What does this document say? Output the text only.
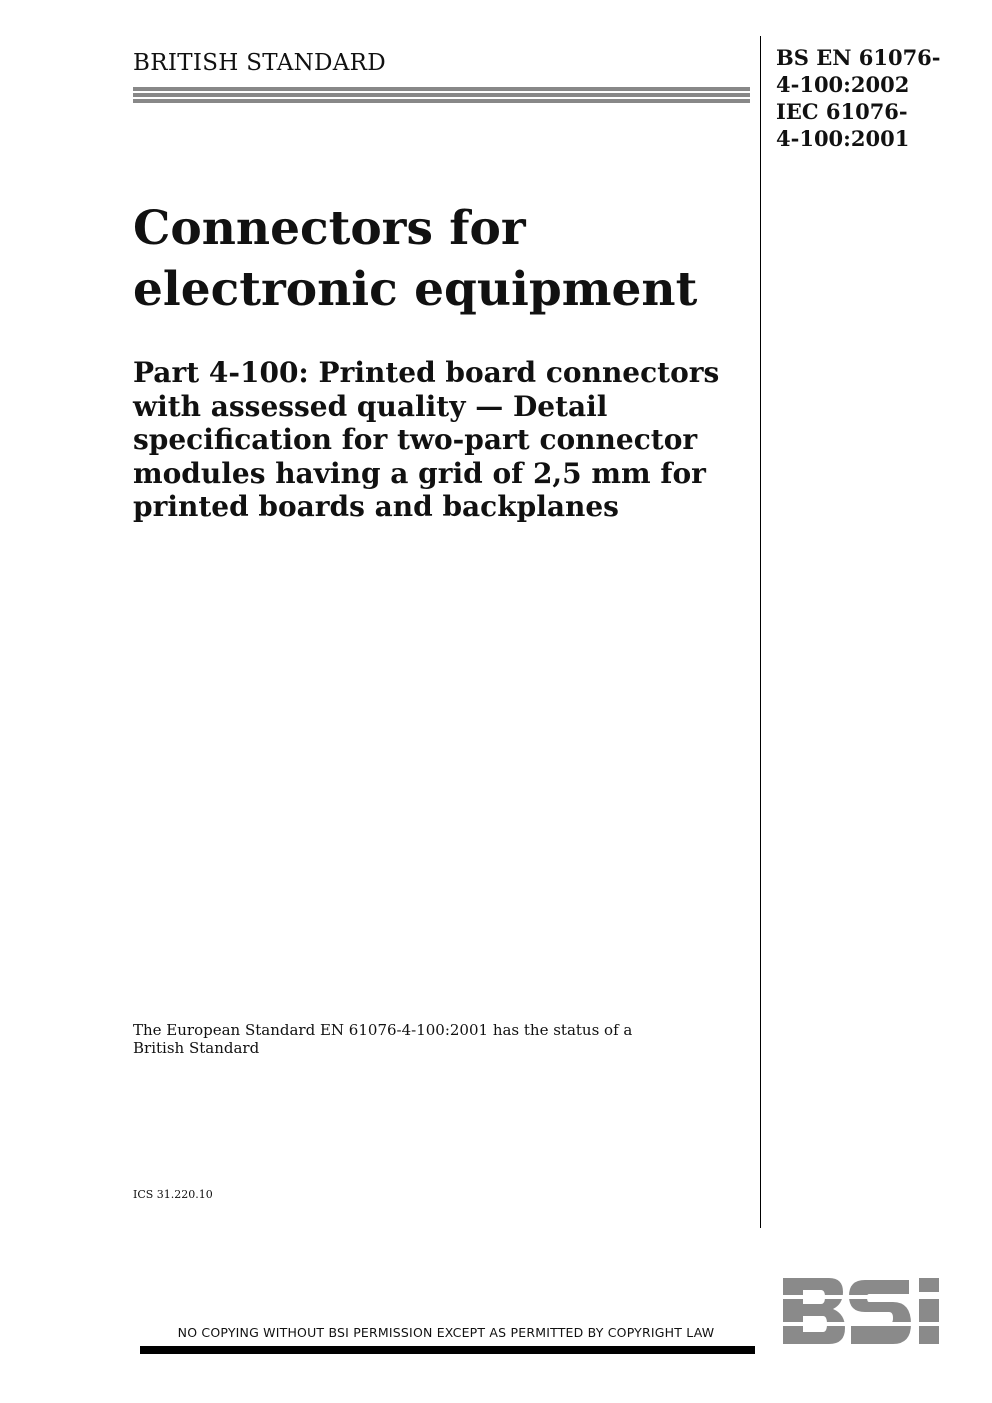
BRITISH STANDARD	BS EN 61076-
4-100:2002
IEC 61076-
4-100:2001
Connectors for
electronic equipment
Part 4-100: Printed board connectors
with assessed quality — Detail
specification for two-part connector
modules having a grid of 2,5 mm for
printed boards and backplanes
The European Standard EN 61076-4-100:2001 has the status of a
British Standard
ICS 31.220.10
NO COPYING WITHOUT BSI PERMISSION EXCEPT AS PERMITTED BY COPYRIGHT LAW
